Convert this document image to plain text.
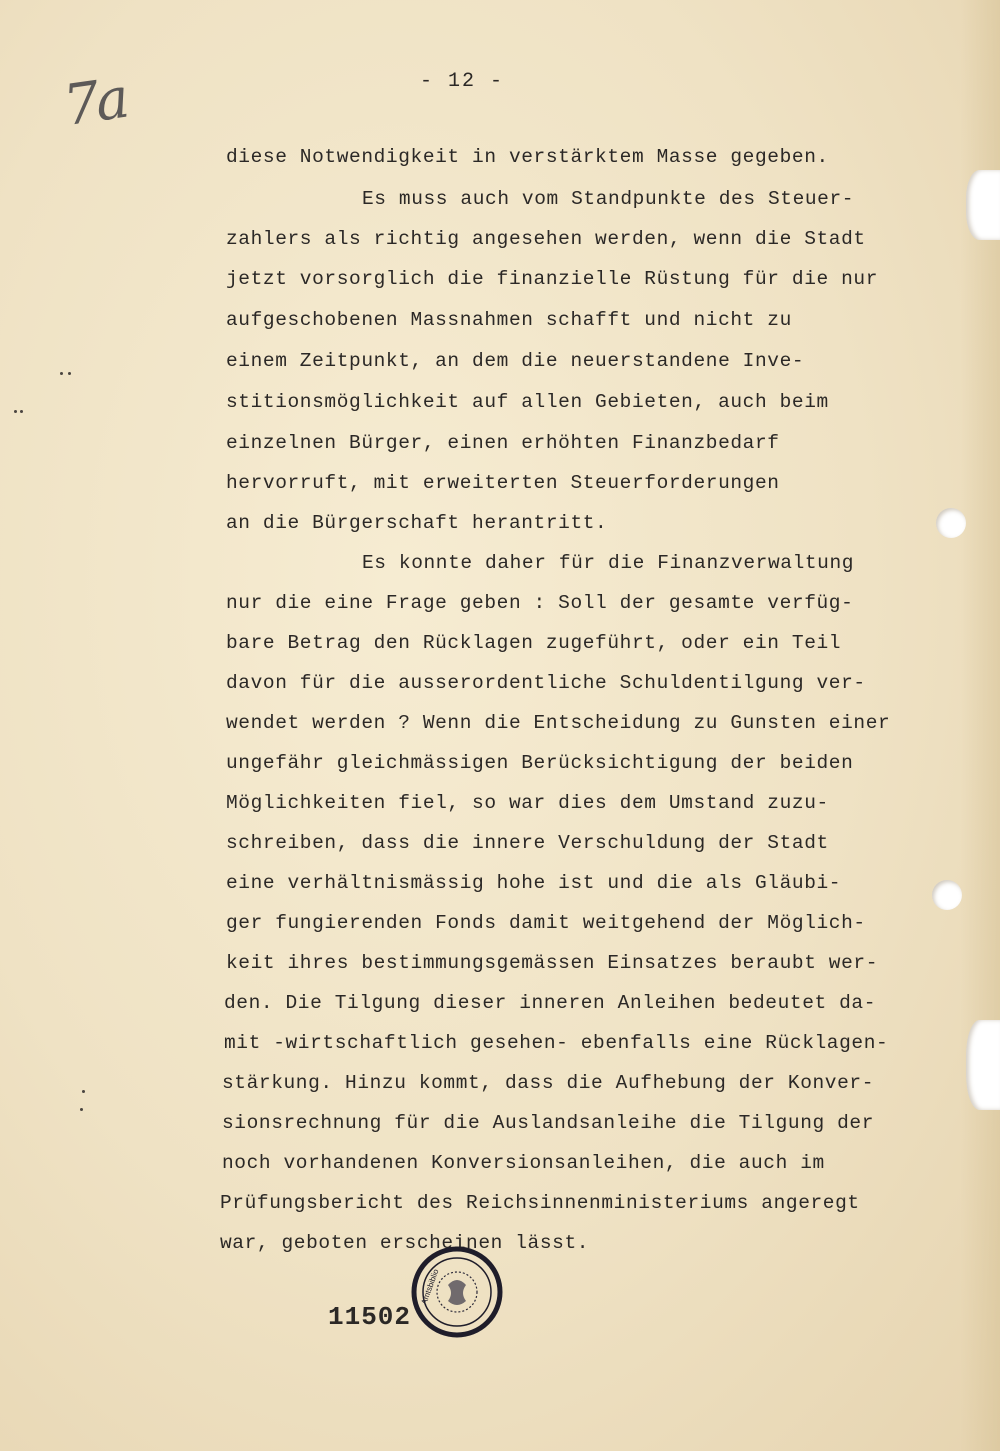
7a	- 12 -
diese Notwendigkeit in verstärktem Masse gegeben.
Es muss auch vom Standpunkte des Steuer-
zahlers als richtig angesehen werden, wenn die Stadt
jetzt vorsorglich die finanzielle Rüstung für die nur
aufgeschobenen Massnahmen schafft und nicht zu
einem Zeitpunkt, an dem die neuerstandene Inve-
stitionsmöglichkeit auf allen Gebieten, auch beim
einzelnen Bürger, einen erhöhten Finanzbedarf
hervorruft, mit erweiterten Steuerforderungen
an die Bürgerschaft herantritt.
Es konnte daher für die Finanzverwaltung
nur die eine Frage geben : Soll der gesamte verfüg-
bare Betrag den Rücklagen zugeführt, oder ein Teil
davon für die ausserordentliche Schuldentilgung ver-
wendet werden ? Wenn die Entscheidung zu Gunsten einer
ungefähr gleichmässigen Berücksichtigung der beiden
Möglichkeiten fiel, so war dies dem Umstand zuzu-
schreiben, dass die innere Verschuldung der Stadt
eine verhältnismässig hohe ist und die als Gläubi-
ger fungierenden Fonds damit weitgehend der Möglich-
keit ihres bestimmungsgemässen Einsatzes beraubt wer-
den. Die Tilgung dieser inneren Anleihen bedeutet da-
mit -wirtschaftlich gesehen- ebenfalls eine Rücklagen-
stärkung. Hinzu kommt, dass die Aufhebung der Konver-
sionsrechnung für die Auslandsanleihe die Tilgung der
noch vorhandenen Konversionsanleihen, die auch im
Prüfungsbericht des Reichsinnenministeriums angeregt
war, geboten erscheinen lässt.
Amtsbiblio
11502
